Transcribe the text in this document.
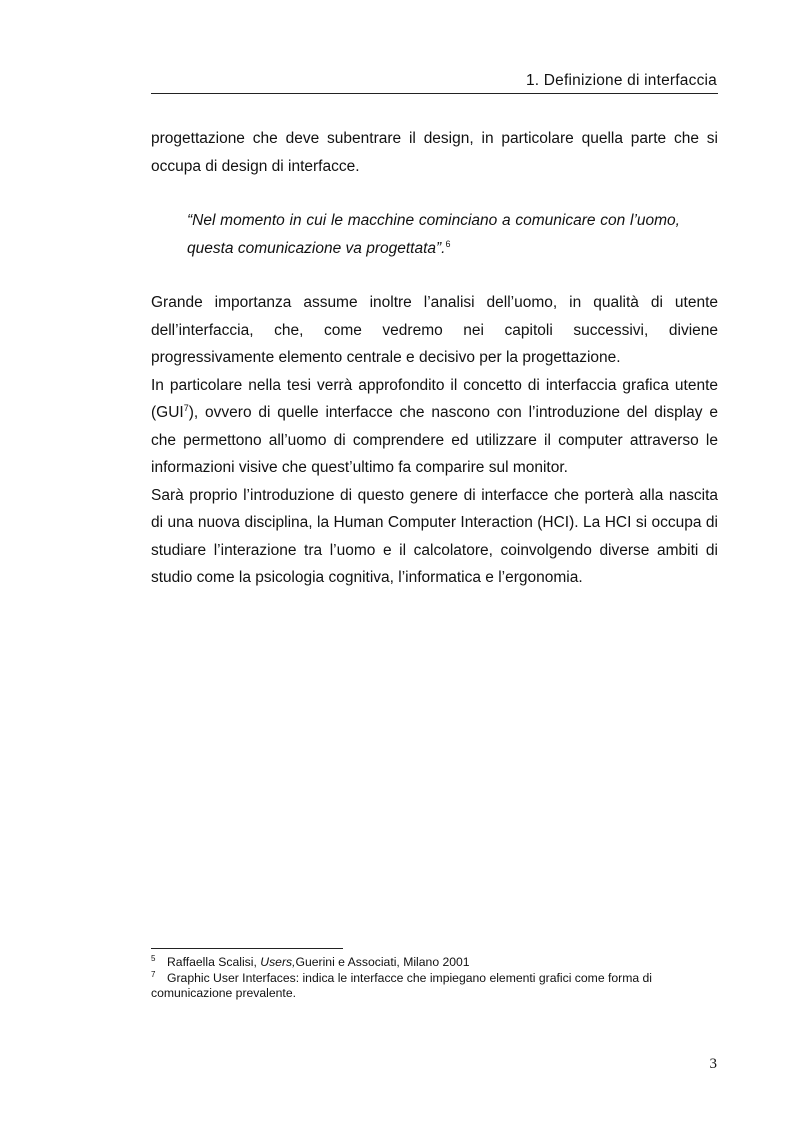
1. Definizione di interfaccia

progettazione che deve subentrare il design, in particolare quella parte che si occupa di design di interfacce.

“Nel momento in cui le macchine cominciano a comunicare con l’uomo, questa comunicazione va progettata”.$^6$

Grande importanza assume inoltre l’analisi dell’uomo, in qualità di utente dell’interfaccia, che, come vedremo nei capitoli successivi, diviene progressivamente elemento centrale e decisivo per la progettazione.

In particolare nella tesi verrà approfondito il concetto di interfaccia grafica utente (GUI$^7$), ovvero di quelle interfacce che nascono con l’introduzione del display e che permettono all’uomo di comprendere ed utilizzare il computer attraverso le informazioni visive che quest’ultimo fa comparire sul monitor.

Sarà proprio l’introduzione di questo genere di interfacce che porterà alla nascita di una nuova disciplina, la Human Computer Interaction (HCI). La HCI si occupa di studiare l’interazione tra l’uomo e il calcolatore, coinvolgendo diverse ambiti di studio come la psicologia cognitiva, l’informatica e l’ergonomia.

5 Raffaella Scalisi, Users,Guerini e Associati, Milano 2001

7 Graphic User Interfaces: indica le interfacce che impiegano elementi grafici come forma di comunicazione prevalente.

3
